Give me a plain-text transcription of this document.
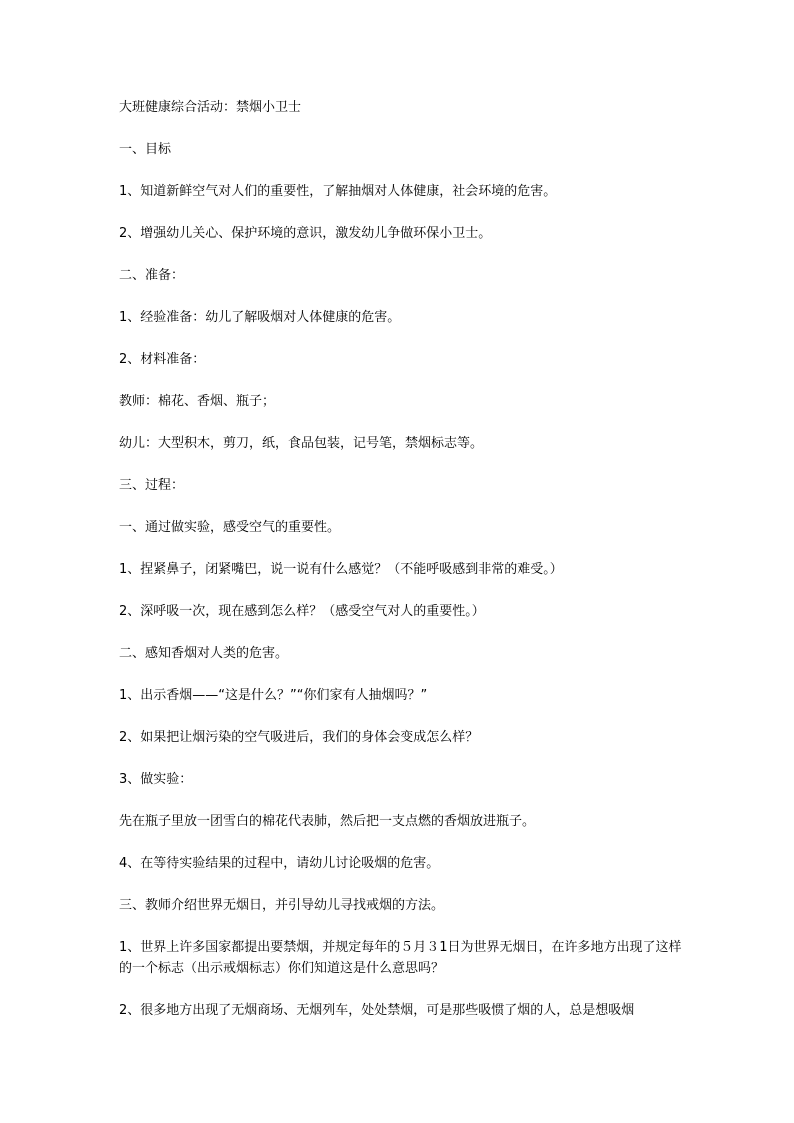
大班健康综合活动：禁烟小卫士

一、目标

1、知道新鲜空气对人们的重要性，了解抽烟对人体健康，社会环境的危害。

2、增强幼儿关心、保护环境的意识，激发幼儿争做环保小卫士。

二、准备：

1、经验准备：幼儿了解吸烟对人体健康的危害。

2、材料准备：

教师：棉花、香烟、瓶子；

幼儿：大型积木，剪刀，纸，食品包装，记号笔，禁烟标志等。

三、过程：

一、通过做实验，感受空气的重要性。

1、捏紧鼻子，闭紧嘴巴，说一说有什么感觉？（不能呼吸感到非常的难受。）

2、深呼吸一次，现在感到怎么样？（感受空气对人的重要性。）

二、感知香烟对人类的危害。

1、出示香烟——“这是什么？”“你们家有人抽烟吗？”

2、如果把让烟污染的空气吸进后，我们的身体会变成怎么样？

3、做实验：

先在瓶子里放一团雪白的棉花代表肺，然后把一支点燃的香烟放进瓶子。

4、在等待实验结果的过程中，请幼儿讨论吸烟的危害。

三、教师介绍世界无烟日，并引导幼儿寻找戒烟的方法。

1、世界上许多国家都提出要禁烟，并规定每年的５月３1日为世界无烟日，在许多地方出现了这样的一个标志（出示戒烟标志）你们知道这是什么意思吗？

2、很多地方出现了无烟商场、无烟列车，处处禁烟，可是那些吸惯了烟的人，总是想吸烟
